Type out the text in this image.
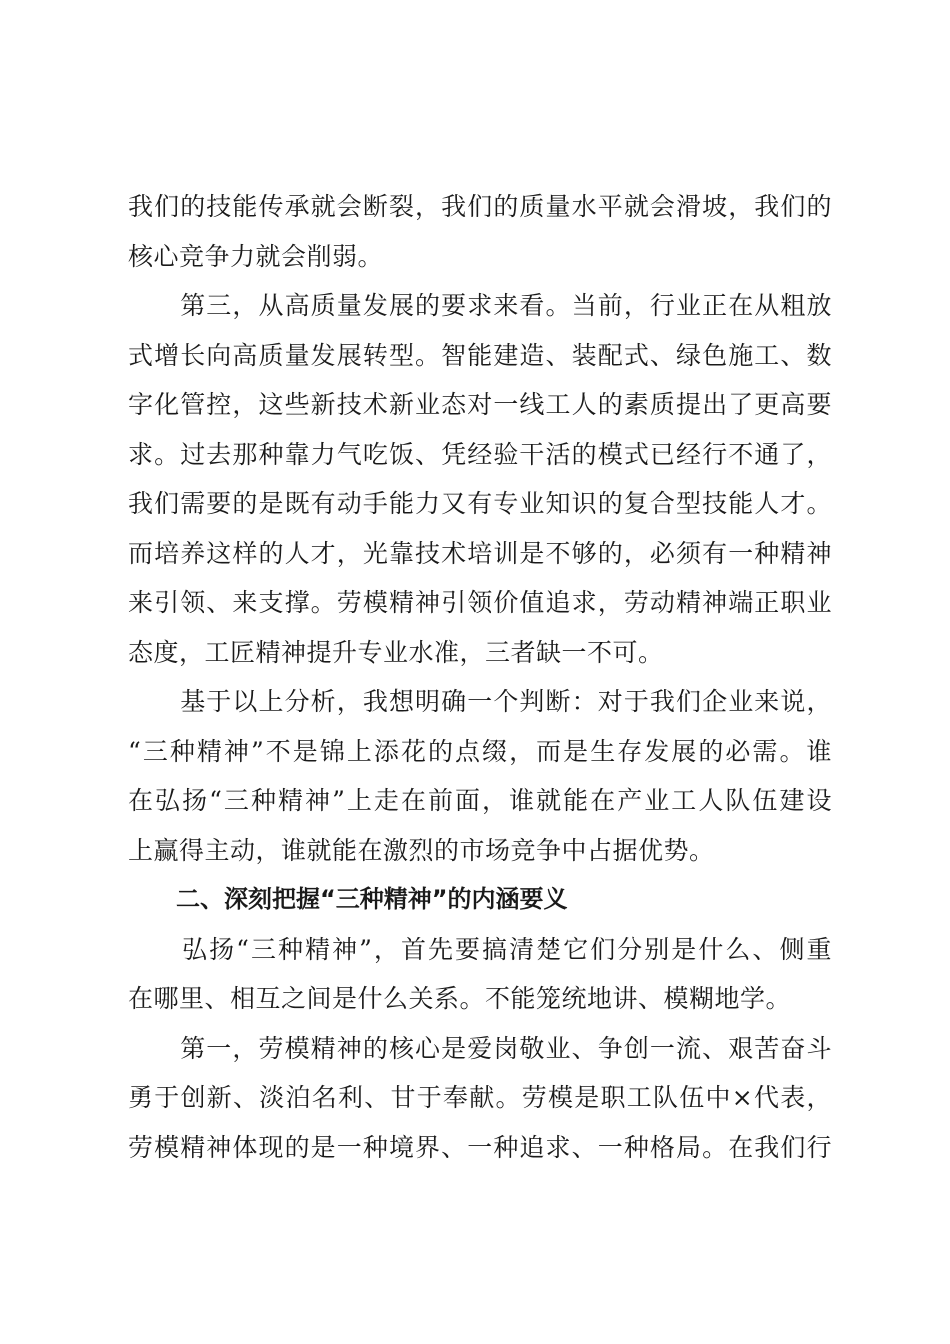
我们的技能传承就会断裂，我们的质量水平就会滑坡，我们的
核心竞争力就会削弱。
　　第三，从高质量发展的要求来看。当前，行业正在从粗放
式增长向高质量发展转型。智能建造、装配式、绿色施工、数
字化管控，这些新技术新业态对一线工人的素质提出了更高要
求。过去那种靠力气吃饭、凭经验干活的模式已经行不通了，
我们需要的是既有动手能力又有专业知识的复合型技能人才。
而培养这样的人才，光靠技术培训是不够的，必须有一种精神
来引领、来支撑。劳模精神引领价值追求，劳动精神端正职业
态度，工匠精神提升专业水准，三者缺一不可。
　　基于以上分析，我想明确一个判断：对于我们企业来说，
“三种精神”不是锦上添花的点缀，而是生存发展的必需。谁
在弘扬“三种精神”上走在前面，谁就能在产业工人队伍建设
上赢得主动，谁就能在激烈的市场竞争中占据优势。
　　二、深刻把握“三种精神”的内涵要义
　　弘扬“三种精神”，首先要搞清楚它们分别是什么、侧重
在哪里、相互之间是什么关系。不能笼统地讲、模糊地学。
　　第一，劳模精神的核心是爱岗敬业、争创一流、艰苦奋斗
勇于创新、淡泊名利、甘于奉献。劳模是职工队伍中×代表，
劳模精神体现的是一种境界、一种追求、一种格局。在我们行
